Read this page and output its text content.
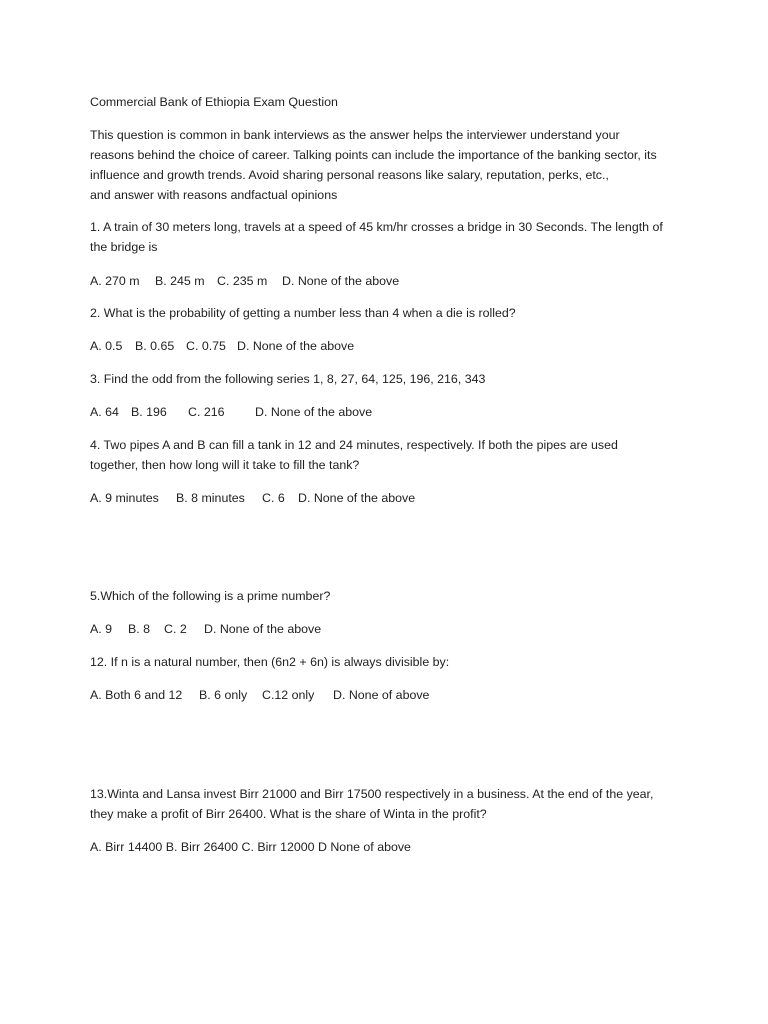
Commercial Bank of Ethiopia Exam Question
This question is common in bank interviews as the answer helps the interviewer understand your
reasons behind the choice of career. Talking points can include the importance of the banking sector, its
influence and growth trends. Avoid sharing personal reasons like salary, reputation, perks, etc.,
and answer with reasons andfactual opinions
1. A train of 30 meters long, travels at a speed of 45 km/hr crosses a bridge in 30 Seconds. The length of
the bridge is
A. 270 m B. 245 m C. 235 m D. None of the above
2. What is the probability of getting a number less than 4 when a die is rolled?
A. 0.5 B. 0.65 C. 0.75 D. None of the above
3. Find the odd from the following series 1, 8, 27, 64, 125, 196, 216, 343
A. 64 B. 196 C. 216 D. None of the above
4. Two pipes A and B can fill a tank in 12 and 24 minutes, respectively. If both the pipes are used
together, then how long will it take to fill the tank?
A. 9 minutes B. 8 minutes C. 6 D. None of the above
5.Which of the following is a prime number?
A. 9 B. 8 C. 2 D. None of the above
12. If n is a natural number, then (6n2 + 6n) is always divisible by:
A. Both 6 and 12 B. 6 only C.12 only D. None of above
13.Winta and Lansa invest Birr 21000 and Birr 17500 respectively in a business. At the end of the year,
they make a profit of Birr 26400. What is the share of Winta in the profit?
A. Birr 14400 B. Birr 26400 C. Birr 12000 D None of above
